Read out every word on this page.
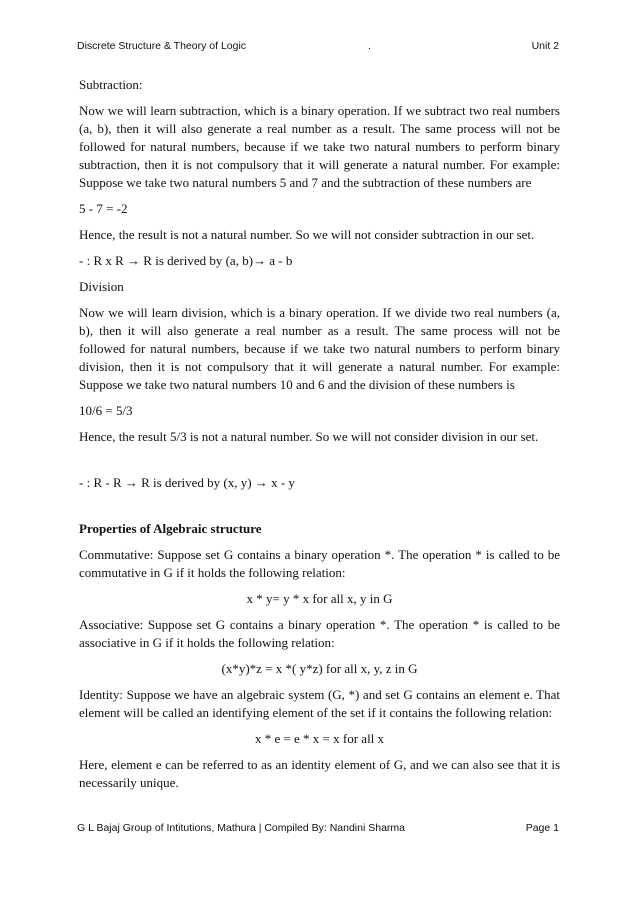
Discrete Structure & Theory of Logic	.	Unit 2

Subtraction:

Now we will learn subtraction, which is a binary operation. If we subtract two real numbers (a, b), then it will also generate a real number as a result. The same process will not be followed for natural numbers, because if we take two natural numbers to perform binary subtraction, then it is not compulsory that it will generate a natural number. For example: Suppose we take two natural numbers 5 and 7 and the subtraction of these numbers are

5 - 7 = -2

Hence, the result is not a natural number. So we will not consider subtraction in our set.

- : R x R → R is derived by (a, b)→ a - b

Division

Now we will learn division, which is a binary operation. If we divide two real numbers (a, b), then it will also generate a real number as a result. The same process will not be followed for natural numbers, because if we take two natural numbers to perform binary division, then it is not compulsory that it will generate a natural number. For example: Suppose we take two natural numbers 10 and 6 and the division of these numbers is

10/6 = 5/3

Hence, the result 5/3 is not a natural number. So we will not consider division in our set.

- : R - R → R is derived by (x, y) → x - y

Properties of Algebraic structure

Commutative: Suppose set G contains a binary operation *. The operation * is called to be commutative in G if it holds the following relation:

x * y= y * x for all x, y in G

Associative: Suppose set G contains a binary operation *. The operation * is called to be associative in G if it holds the following relation:

(x*y)*z = x *( y*z) for all x, y, z in G

Identity: Suppose we have an algebraic system (G, *) and set G contains an element e. That element will be called an identifying element of the set if it contains the following relation:

x * e = e * x = x for all x

Here, element e can be referred to as an identity element of G, and we can also see that it is necessarily unique.

G L Bajaj Group of Intitutions, Mathura | Compiled By: Nandini Sharma	Page 1
